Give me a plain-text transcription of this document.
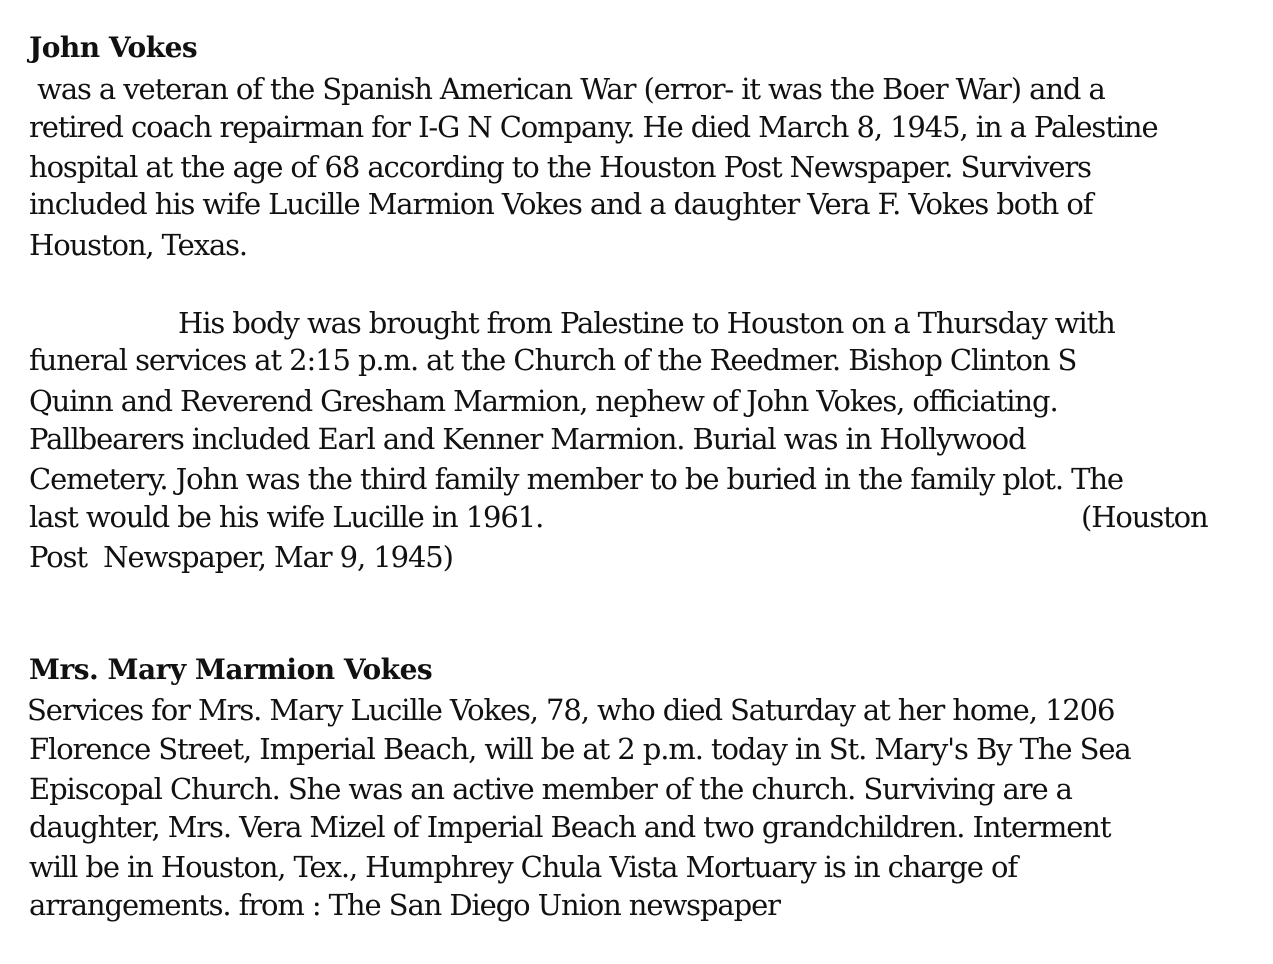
John Vokes
was a veteran of the Spanish American War (error- it was the Boer War) and a
retired coach repairman for I-G N Company. He died March 8, 1945, in a Palestine
hospital at the age of 68 according to the Houston Post Newspaper. Survivers
included his wife Lucille Marmion Vokes and a daughter Vera F. Vokes both of
Houston, Texas.
His body was brought from Palestine to Houston on a Thursday with
funeral services at 2:15 p.m. at the Church of the Reedmer. Bishop Clinton S
Quinn and Reverend Gresham Marmion, nephew of John Vokes, officiating.
Pallbearers included Earl and Kenner Marmion. Burial was in Hollywood
Cemetery. John was the third family member to be buried in the family plot. The
last would be his wife Lucille in 1961.	(Houston
Post  Newspaper, Mar 9, 1945)
Mrs. Mary Marmion Vokes
Services for Mrs. Mary Lucille Vokes, 78, who died Saturday at her home, 1206
Florence Street, Imperial Beach, will be at 2 p.m. today in St. Mary's By The Sea
Episcopal Church. She was an active member of the church. Surviving are a
daughter, Mrs. Vera Mizel of Imperial Beach and two grandchildren. Interment
will be in Houston, Tex., Humphrey Chula Vista Mortuary is in charge of
arrangements. from : The San Diego Union newspaper
